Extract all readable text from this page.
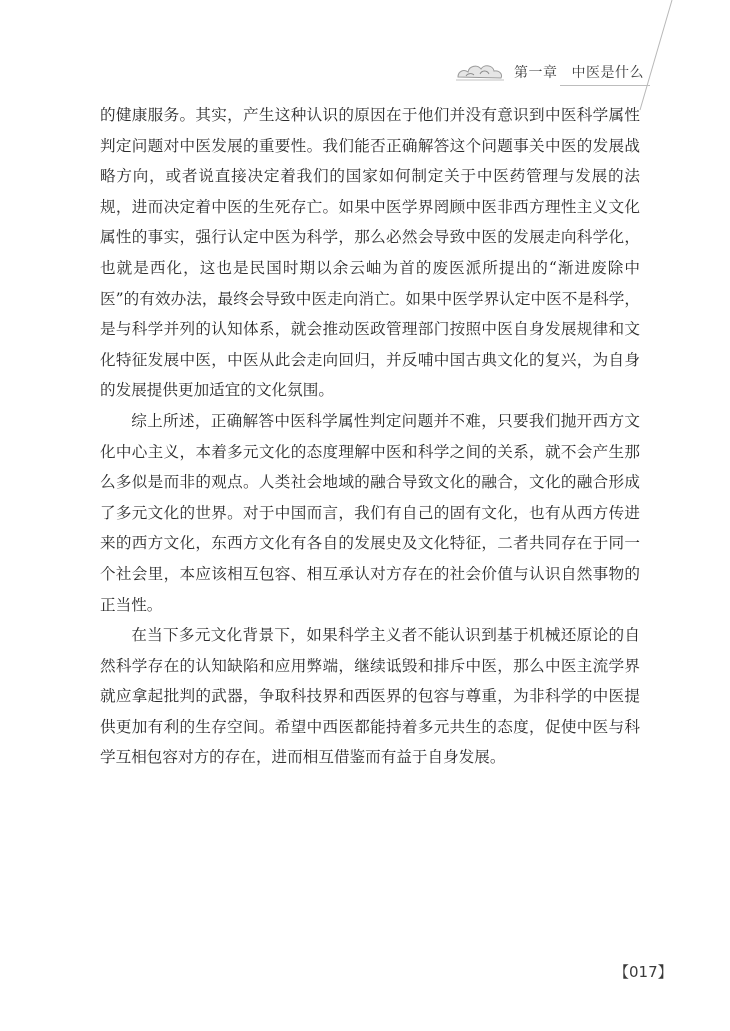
第一章 中医是什么

的健康服务。其实，产生这种认识的原因在于他们并没有意识到中医科学属性判定问题对中医发展的重要性。我们能否正确解答这个问题事关中医的发展战略方向，或者说直接决定着我们的国家如何制定关于中医药管理与发展的法规，进而决定着中医的生死存亡。如果中医学界罔顾中医非西方理性主义文化属性的事实，强行认定中医为科学，那么必然会导致中医的发展走向科学化，也就是西化，这也是民国时期以余云岫为首的废医派所提出的“渐进废除中医”的有效办法，最终会导致中医走向消亡。如果中医学界认定中医不是科学，是与科学并列的认知体系，就会推动医政管理部门按照中医自身发展规律和文化特征发展中医，中医从此会走向回归，并反哺中国古典文化的复兴，为自身的发展提供更加适宜的文化氛围。

综上所述，正确解答中医科学属性判定问题并不难，只要我们抛开西方文化中心主义，本着多元文化的态度理解中医和科学之间的关系，就不会产生那么多似是而非的观点。人类社会地域的融合导致文化的融合，文化的融合形成了多元文化的世界。对于中国而言，我们有自己的固有文化，也有从西方传进来的西方文化，东西方文化有各自的发展史及文化特征，二者共同存在于同一个社会里，本应该相互包容、相互承认对方存在的社会价值与认识自然事物的正当性。

在当下多元文化背景下，如果科学主义者不能认识到基于机械还原论的自然科学存在的认知缺陷和应用弊端，继续诋毁和排斥中医，那么中医主流学界就应拿起批判的武器，争取科技界和西医界的包容与尊重，为非科学的中医提供更加有利的生存空间。希望中西医都能持着多元共生的态度，促使中医与科学互相包容对方的存在，进而相互借鉴而有益于自身发展。

【017】
